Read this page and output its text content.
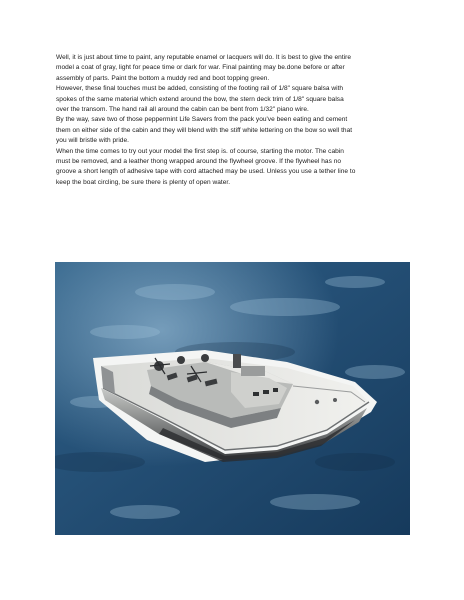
Well, it is just about time to paint, any reputable enamel or lacquers will do. It is best to give the entire
model a coat of gray, light for peace time or dark for war. Final painting may be.done before or after
assembly of parts. Paint the bottom a muddy red and boot topping green.
However, these final touches must be added, consisting of the footing rail of 1/8" square balsa with
spokes of the same material which extend around the bow, the stern deck trim of 1/8" square balsa
over the transom. The hand rail all around the cabin can be bent from 1/32" piano wire.
By the way, save two of those peppermint Life Savers from the pack you've been eating and cement
them on either side of the cabin and they will blend with the stiff white lettering on the bow so well that
you will bristle with pride.
When the time comes to try out your model the first step is. of course, starting the motor. The cabin
must be removed, and a leather thong wrapped around the flywheel groove. If the flywheel has no
groove a short length of adhesive tape with cord attached may be used. Unless you use a tether line to
keep the boat circling, be sure there is plenty of open water.
